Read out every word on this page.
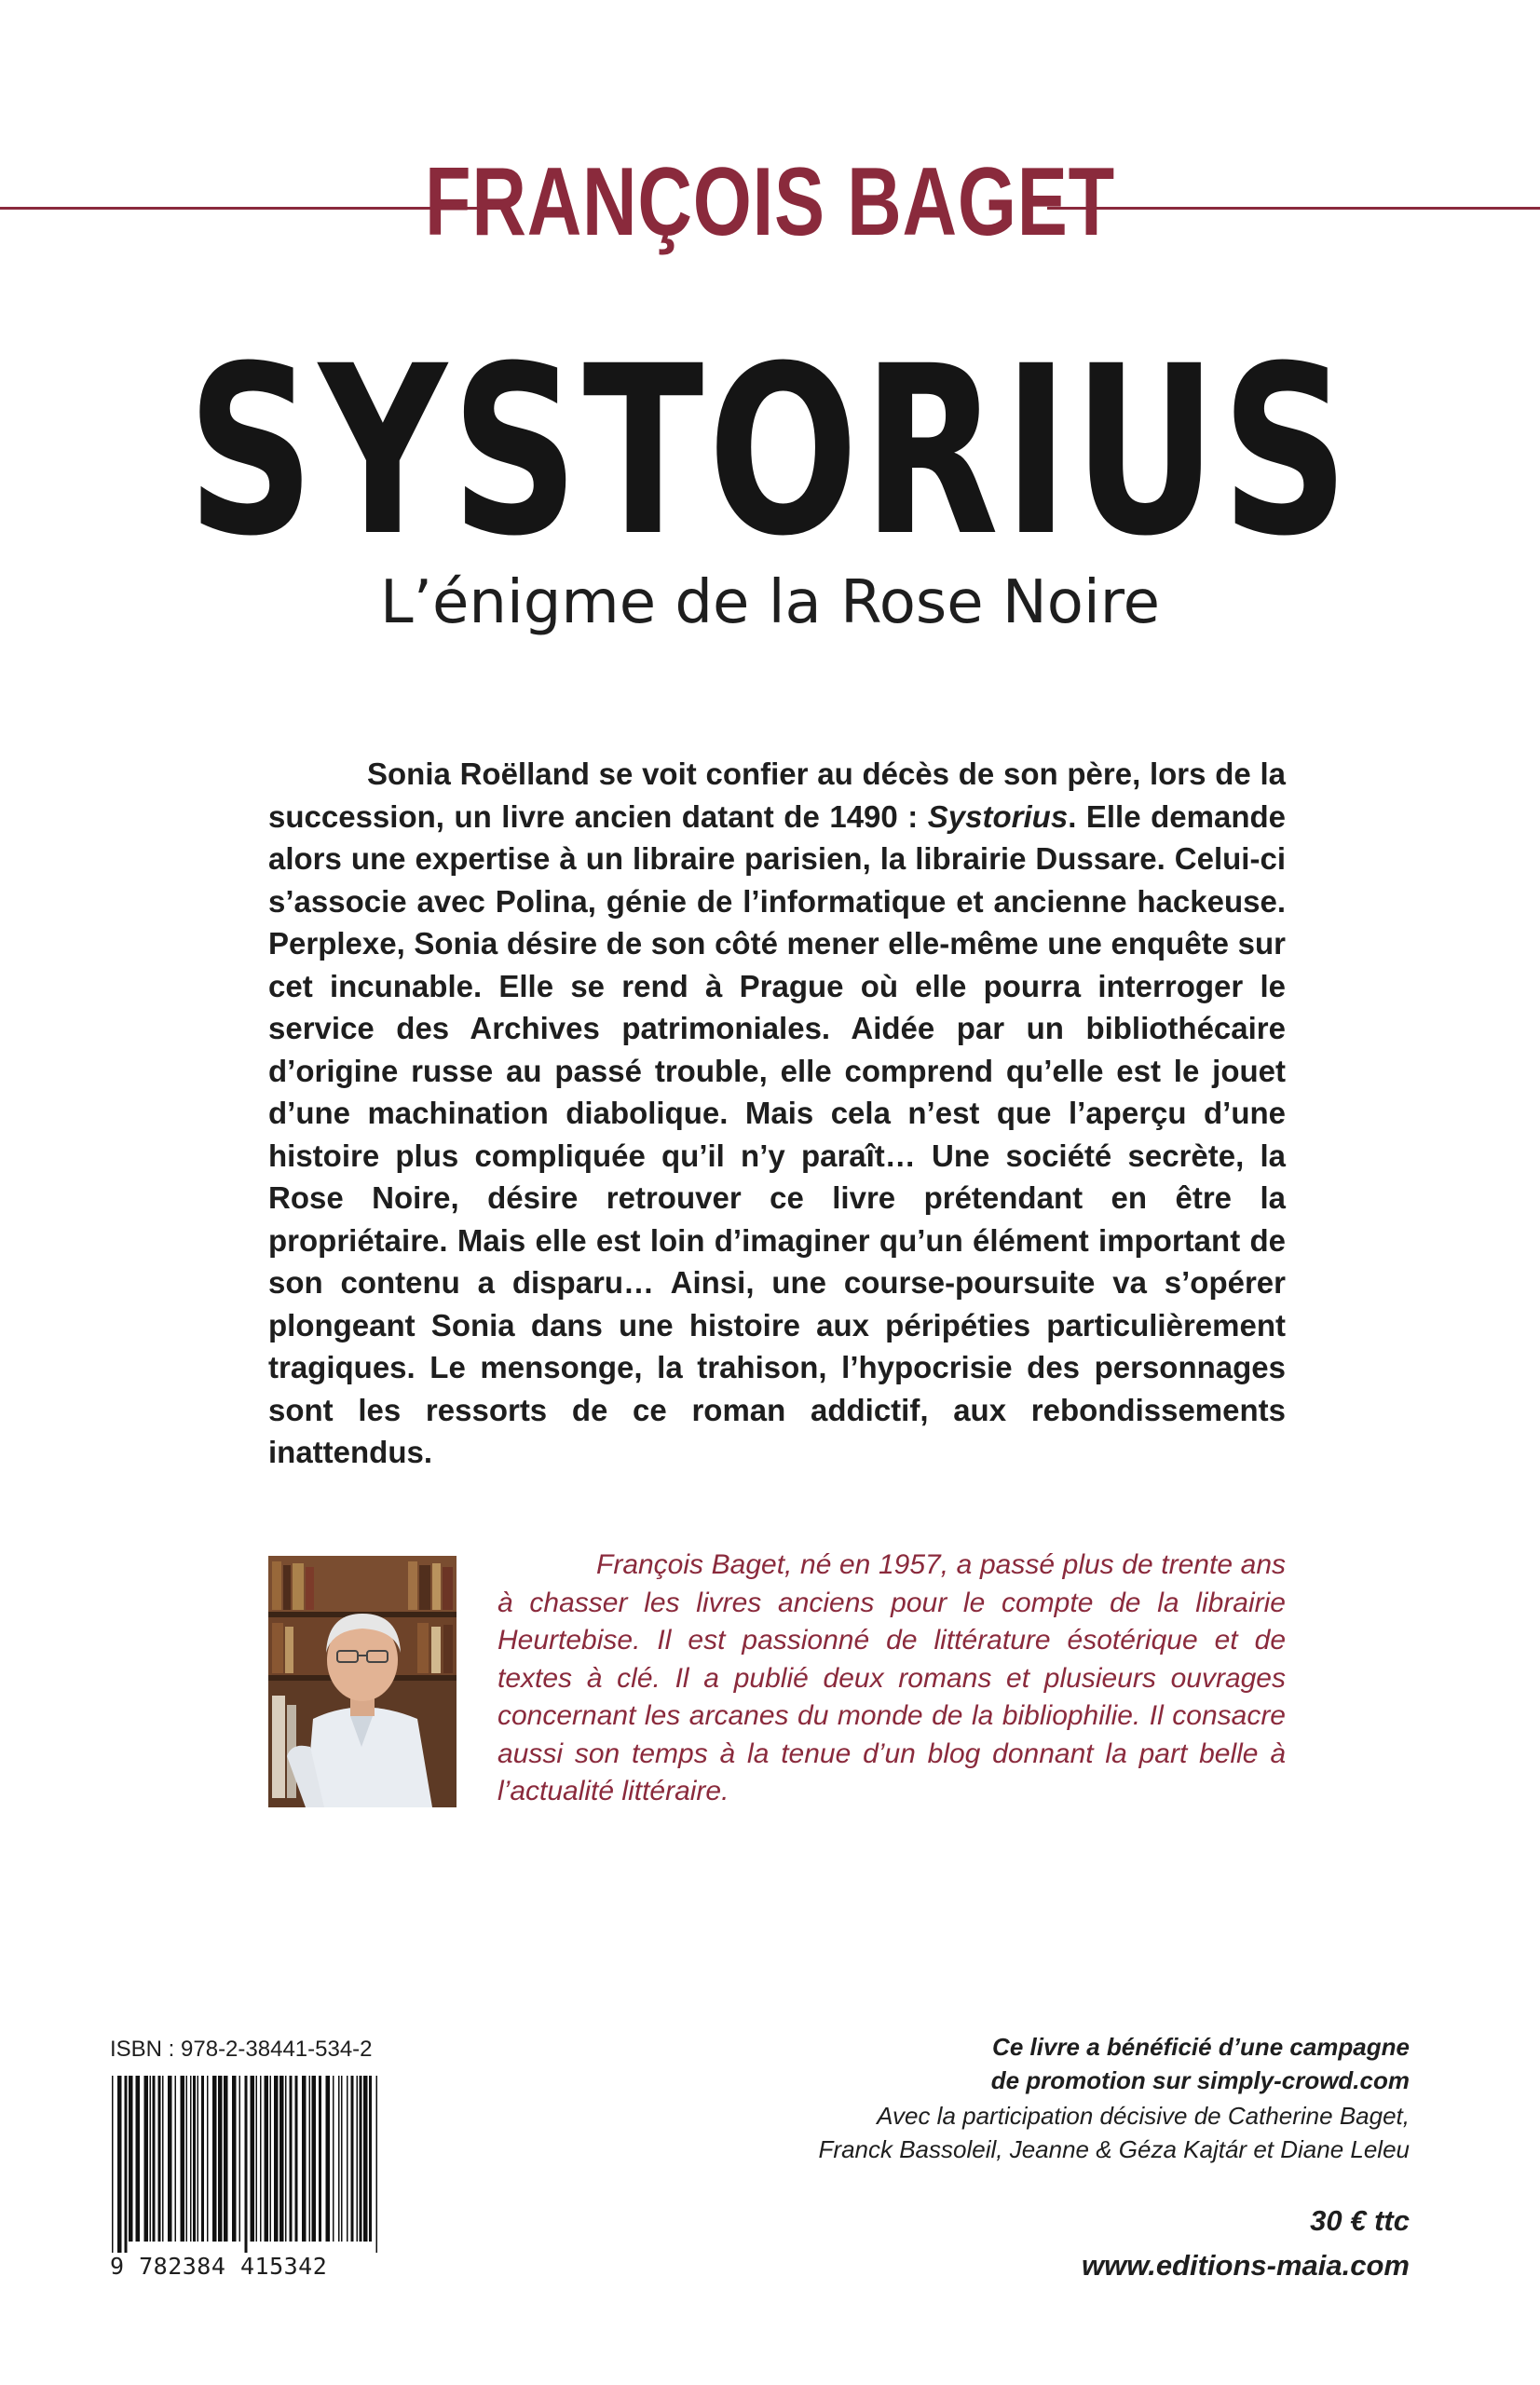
FRANÇOIS BAGET
SYSTORIUS
L’énigme de la Rose Noire

Sonia Roëlland se voit confier au décès de son père, lors de la succession, un livre ancien datant de 1490 : Systorius. Elle demande alors une expertise à un libraire parisien, la librairie Dussare. Celui-ci s’associe avec Polina, génie de l’informatique et ancienne hackeuse. Perplexe, Sonia désire de son côté mener elle-même une enquête sur cet incunable. Elle se rend à Prague où elle pourra interroger le service des Archives patrimoniales. Aidée par un bibliothécaire d’origine russe au passé trouble, elle comprend qu’elle est le jouet d’une machination diabolique. Mais cela n’est que l’aperçu d’une histoire plus compliquée qu’il n’y paraît… Une société secrète, la Rose Noire, désire retrouver ce livre prétendant en être la propriétaire. Mais elle est loin d’imaginer qu’un élément important de son contenu a disparu… Ainsi, une course-poursuite va s’opérer plongeant Sonia dans une histoire aux péripéties particulièrement tragiques. Le mensonge, la trahison, l’hypocrisie des personnages sont les ressorts de ce roman addictif, aux rebondissements inattendus.

François Baget, né en 1957, a passé plus de trente ans à chasser les livres anciens pour le compte de la librairie Heurtebise. Il est passionné de littérature ésotérique et de textes à clé. Il a publié deux romans et plusieurs ouvrages concernant les arcanes du monde de la bibliophilie. Il consacre aussi son temps à la tenue d’un blog donnant la part belle à l’actualité littéraire.

ISBN : 978-2-38441-534-2
9 782384 415342
Ce livre a bénéficié d’une campagne
de promotion sur simply-crowd.com
Avec la participation décisive de Catherine Baget,
Franck Bassoleil, Jeanne & Géza Kajtár et Diane Leleu
30 € ttc
www.editions-maia.com
